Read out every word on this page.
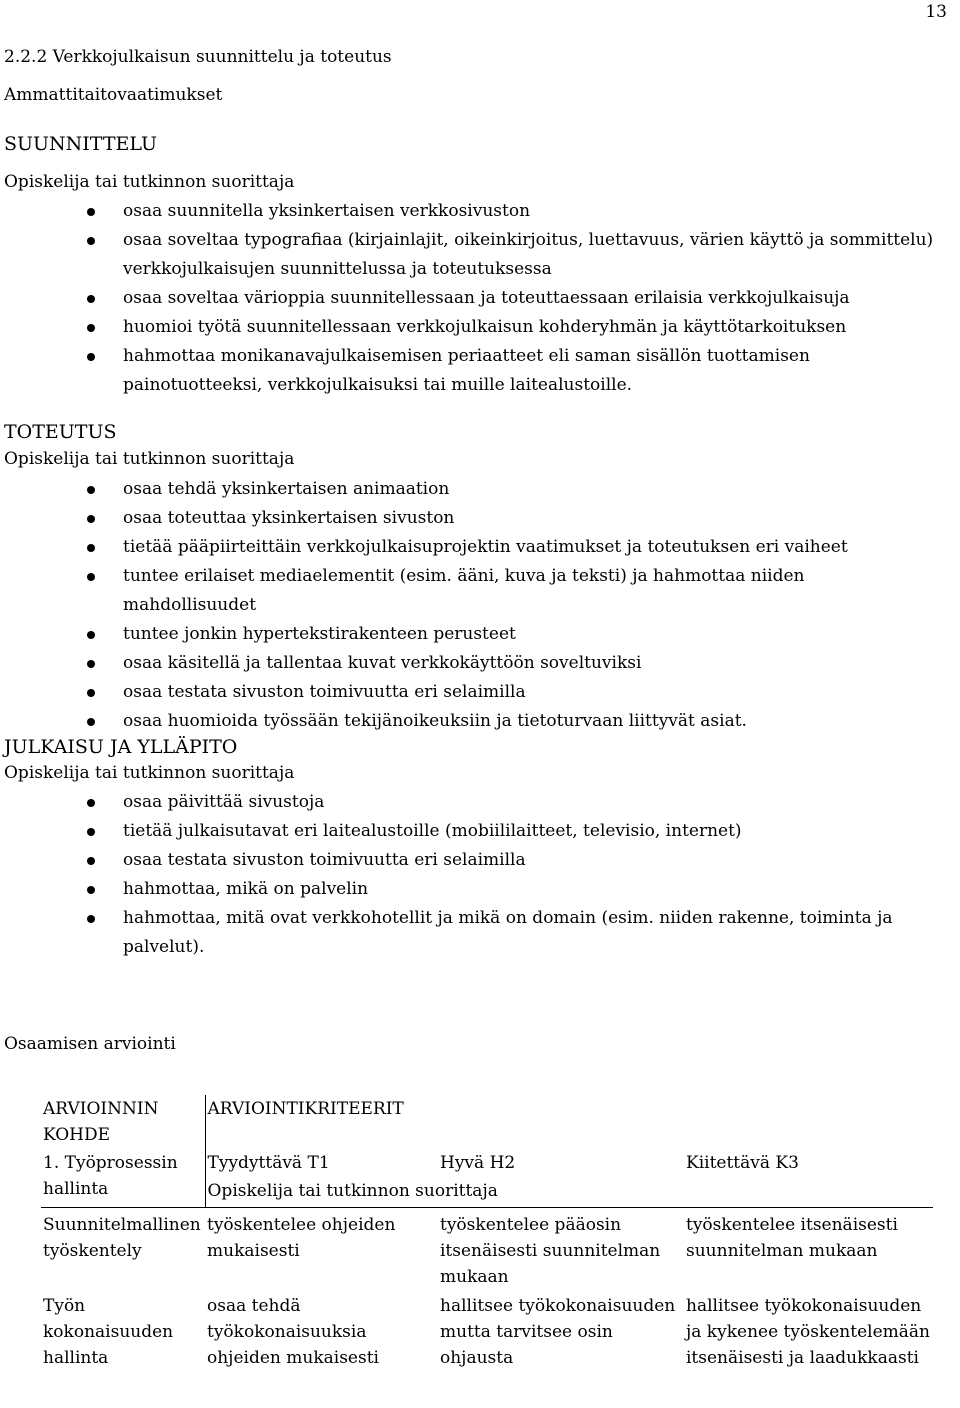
13
2.2.2 Verkkojulkaisun suunnittelu ja toteutus
Ammattitaitovaatimukset
SUUNNITTELU
Opiskelija tai tutkinnon suorittaja
osaa suunnitella yksinkertaisen verkkosivuston
osaa soveltaa typografiaa (kirjainlajit, oikeinkirjoitus, luettavuus, värien käyttö ja sommittelu) verkkojulkaisujen suunnittelussa ja toteutuksessa
osaa soveltaa värioppia suunnitellessaan ja toteuttaessaan erilaisia verkkojulkaisuja
huomioi työtä suunnitellessaan verkkojulkaisun kohderyhmän ja käyttötarkoituksen
hahmottaa monikanavajulkaisemisen periaatteet eli saman sisällön tuottamisen painotuotteeksi, verkkojulkaisuksi tai muille laitealustoille.
TOTEUTUS
Opiskelija tai tutkinnon suorittaja
osaa tehdä yksinkertaisen animaation
osaa toteuttaa yksinkertaisen sivuston
tietää pääpiirteittäin verkkojulkaisuprojektin vaatimukset ja toteutuksen eri vaiheet
tuntee erilaiset mediaelementit (esim. ääni, kuva ja teksti) ja hahmottaa niiden mahdollisuudet
tuntee jonkin hypertekstirakenteen perusteet
osaa käsitellä ja tallentaa kuvat verkkokäyttöön soveltuviksi
osaa testata sivuston toimivuutta eri selaimilla
osaa huomioida työssään tekijänoikeuksiin ja tietoturvaan liittyvät asiat.
JULKAISU JA YLLÄPITO
Opiskelija tai tutkinnon suorittaja
osaa päivittää sivustoja
tietää julkaisutavat eri laitealustoille (mobiililaitteet, televisio, internet)
osaa testata sivuston toimivuutta eri selaimilla
hahmottaa, mikä on palvelin
hahmottaa, mitä ovat verkkohotellit ja mikä on domain (esim. niiden rakenne, toiminta ja palvelut).
Osaamisen arviointi
ARVIOINNIN KOHDE	ARVIOINTIKRITEERIT		
1. Työprosessin hallinta	Tyydyttävä T1	Hyvä H2	Kiitettävä K3
	Opiskelija tai tutkinnon suorittaja		
Suunnitelmallinen työskentely	työskentelee ohjeiden mukaisesti	työskentelee pääosin itsenäisesti suunnitelman mukaan	työskentelee itsenäisesti suunnitelman mukaan
Työn kokonaisuuden hallinta	osaa tehdä työkokonaisuuksia ohjeiden mukaisesti	hallitsee työkokonaisuuden mutta tarvitsee osin ohjausta	hallitsee työkokonaisuuden ja kykenee työskentelemään itsenäisesti ja laadukkaasti
